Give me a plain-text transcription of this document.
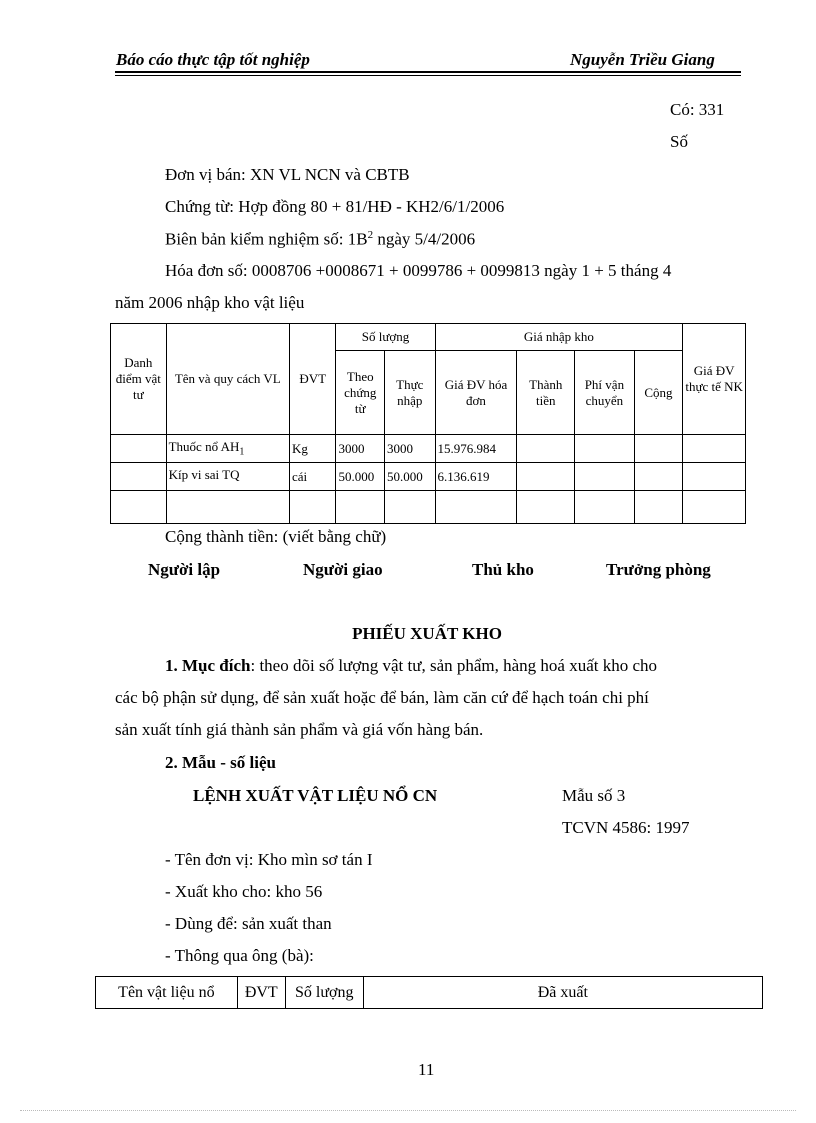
Báo cáo thực tập tốt nghiệp	Nguyễn Triều Giang
Có: 331
Số
Đơn vị bán: XN VL NCN và CBTB
Chứng từ: Hợp đồng 80 + 81/HĐ - KH2/6/1/2006
Biên bản kiểm nghiệm số: $1B^2$ ngày 5/4/2006
Hóa đơn số: 0008706 +0008671 + 0099786 + 0099813 ngày 1 + 5 tháng 4
năm 2006 nhập kho vật liệu
Danh điểm vật tư	Tên và quy cách VL	ĐVT	Số lượng		Giá nhập kho				Giá ĐV thực tế NK
			Theo chứng từ	Thực nhập	Giá ĐV hóa đơn	Thành tiền	Phí vận chuyển	Cộng	
	Thuốc nổ $AH_1$	Kg	3000	3000	15.976.984				
	Kíp vi sai TQ	cái	50.000	50.000	6.136.619				

Cộng thành tiền: (viết bằng chữ)
Người lập	Người giao	Thủ kho	Trưởng phòng
PHIẾU XUẤT KHO
1. Mục đích: theo dõi số lượng vật tư, sản phẩm, hàng hoá xuất kho cho
các bộ phận sử dụng, để sản xuất hoặc để bán, làm căn cứ để hạch toán chi phí
sản xuất tính giá thành sản phẩm và giá vốn hàng bán.
2. Mẫu - số liệu
LỆNH XUẤT VẬT LIỆU NỔ CN	Mẫu số 3
TCVN 4586: 1997
- Tên đơn vị: Kho mìn sơ tán I
- Xuất kho cho: kho 56
- Dùng để: sản xuất than
- Thông qua ông (bà):
Tên vật liệu nổ	ĐVT	Số lượng	Đã xuất
11
